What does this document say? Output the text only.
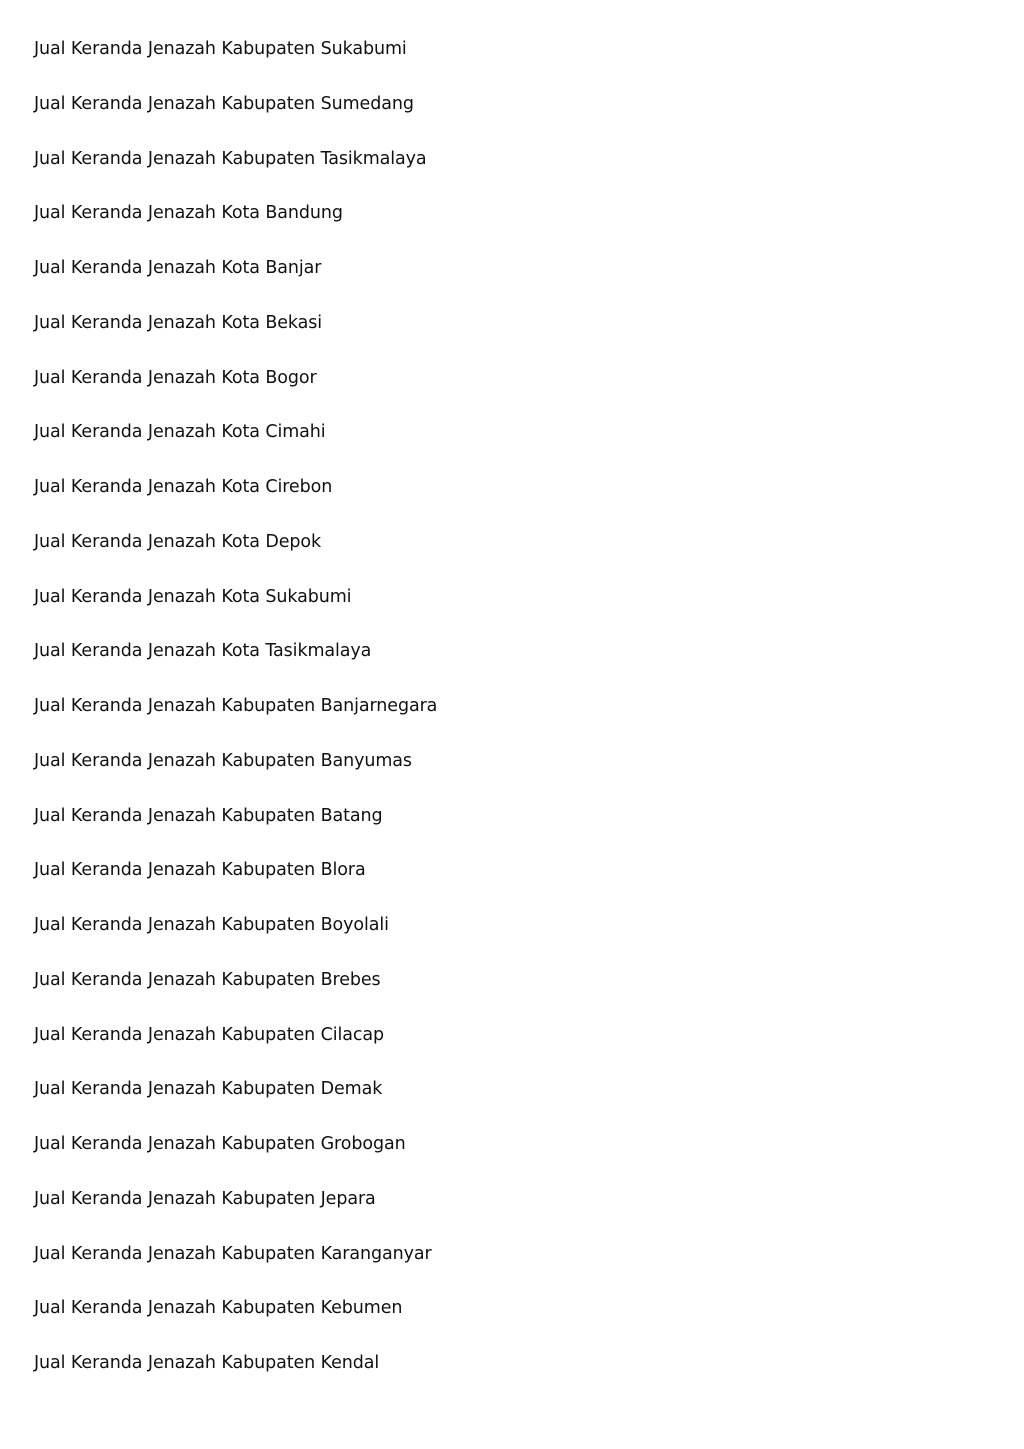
Jual Keranda Jenazah Kabupaten Sukabumi
Jual Keranda Jenazah Kabupaten Sumedang
Jual Keranda Jenazah Kabupaten Tasikmalaya
Jual Keranda Jenazah Kota Bandung
Jual Keranda Jenazah Kota Banjar
Jual Keranda Jenazah Kota Bekasi
Jual Keranda Jenazah Kota Bogor
Jual Keranda Jenazah Kota Cimahi
Jual Keranda Jenazah Kota Cirebon
Jual Keranda Jenazah Kota Depok
Jual Keranda Jenazah Kota Sukabumi
Jual Keranda Jenazah Kota Tasikmalaya
Jual Keranda Jenazah Kabupaten Banjarnegara
Jual Keranda Jenazah Kabupaten Banyumas
Jual Keranda Jenazah Kabupaten Batang
Jual Keranda Jenazah Kabupaten Blora
Jual Keranda Jenazah Kabupaten Boyolali
Jual Keranda Jenazah Kabupaten Brebes
Jual Keranda Jenazah Kabupaten Cilacap
Jual Keranda Jenazah Kabupaten Demak
Jual Keranda Jenazah Kabupaten Grobogan
Jual Keranda Jenazah Kabupaten Jepara
Jual Keranda Jenazah Kabupaten Karanganyar
Jual Keranda Jenazah Kabupaten Kebumen
Jual Keranda Jenazah Kabupaten Kendal
